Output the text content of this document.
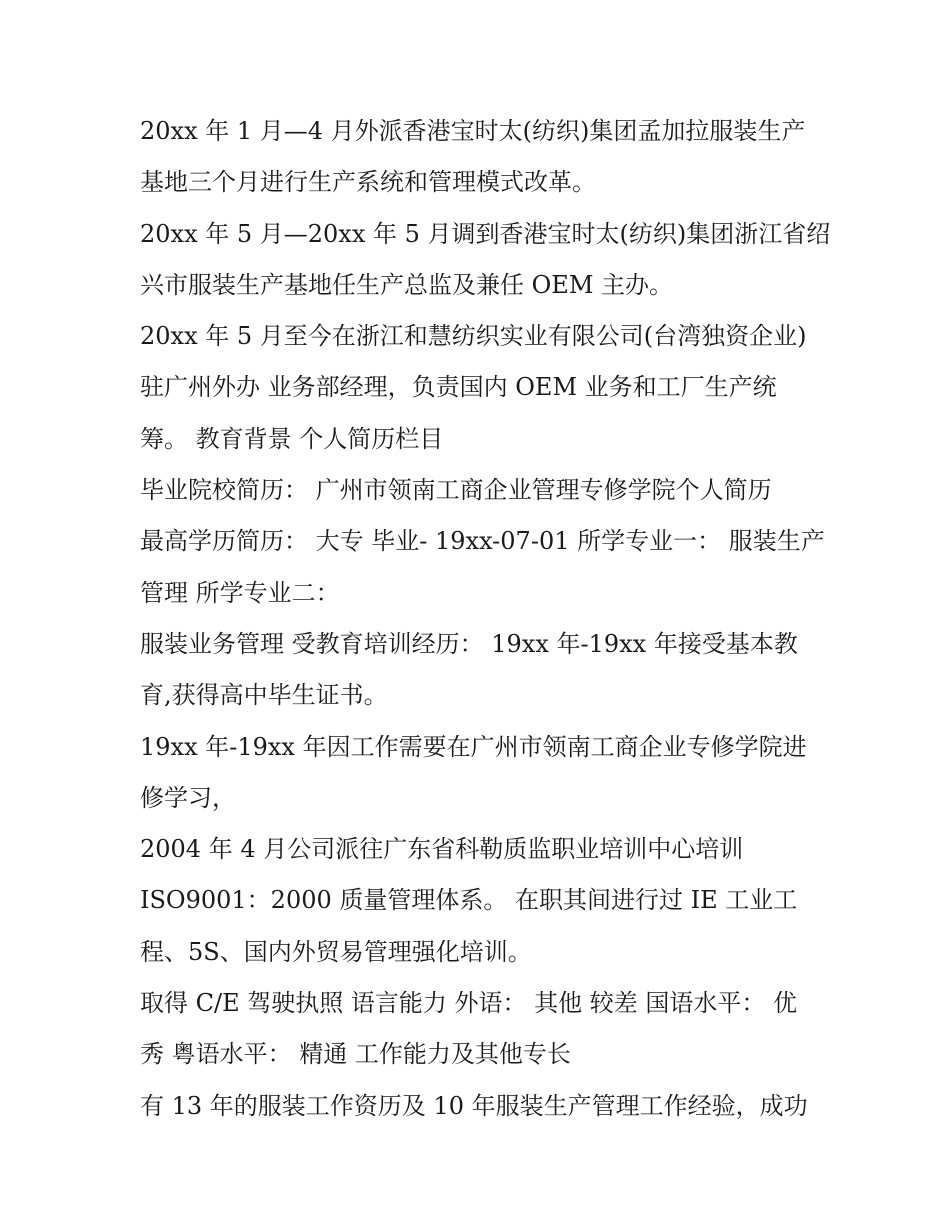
20xx 年 1 月—4 月外派香港宝时太(纺织)集团孟加拉服装生产
基地三个月进行生产系统和管理模式改革。
20xx 年 5 月—20xx 年 5 月调到香港宝时太(纺织)集团浙江省绍
兴市服装生产基地任生产总监及兼任 OEM 主办。
20xx 年 5 月至今在浙江和慧纺织实业有限公司(台湾独资企业)
驻广州外办 业务部经理，负责国内 OEM 业务和工厂生产统
筹。 教育背景 个人简历栏目
毕业院校简历： 广州市领南工商企业管理专修学院个人简历
最高学历简历： 大专 毕业- 19xx-07-01 所学专业一： 服装生产
管理 所学专业二：
服装业务管理 受教育培训经历： 19xx 年-19xx 年接受基本教
育,获得高中毕生证书。
19xx 年-19xx 年因工作需要在广州市领南工商企业专修学院进
修学习，
2004 年 4 月公司派往广东省科勒质监职业培训中心培训
ISO9001：2000 质量管理体系。 在职其间进行过 IE 工业工
程、5S、国内外贸易管理强化培训。
取得 C/E 驾驶执照 语言能力 外语： 其他 较差 国语水平： 优
秀 粤语水平： 精通 工作能力及其他专长
有 13 年的服装工作资历及 10 年服装生产管理工作经验，成功
